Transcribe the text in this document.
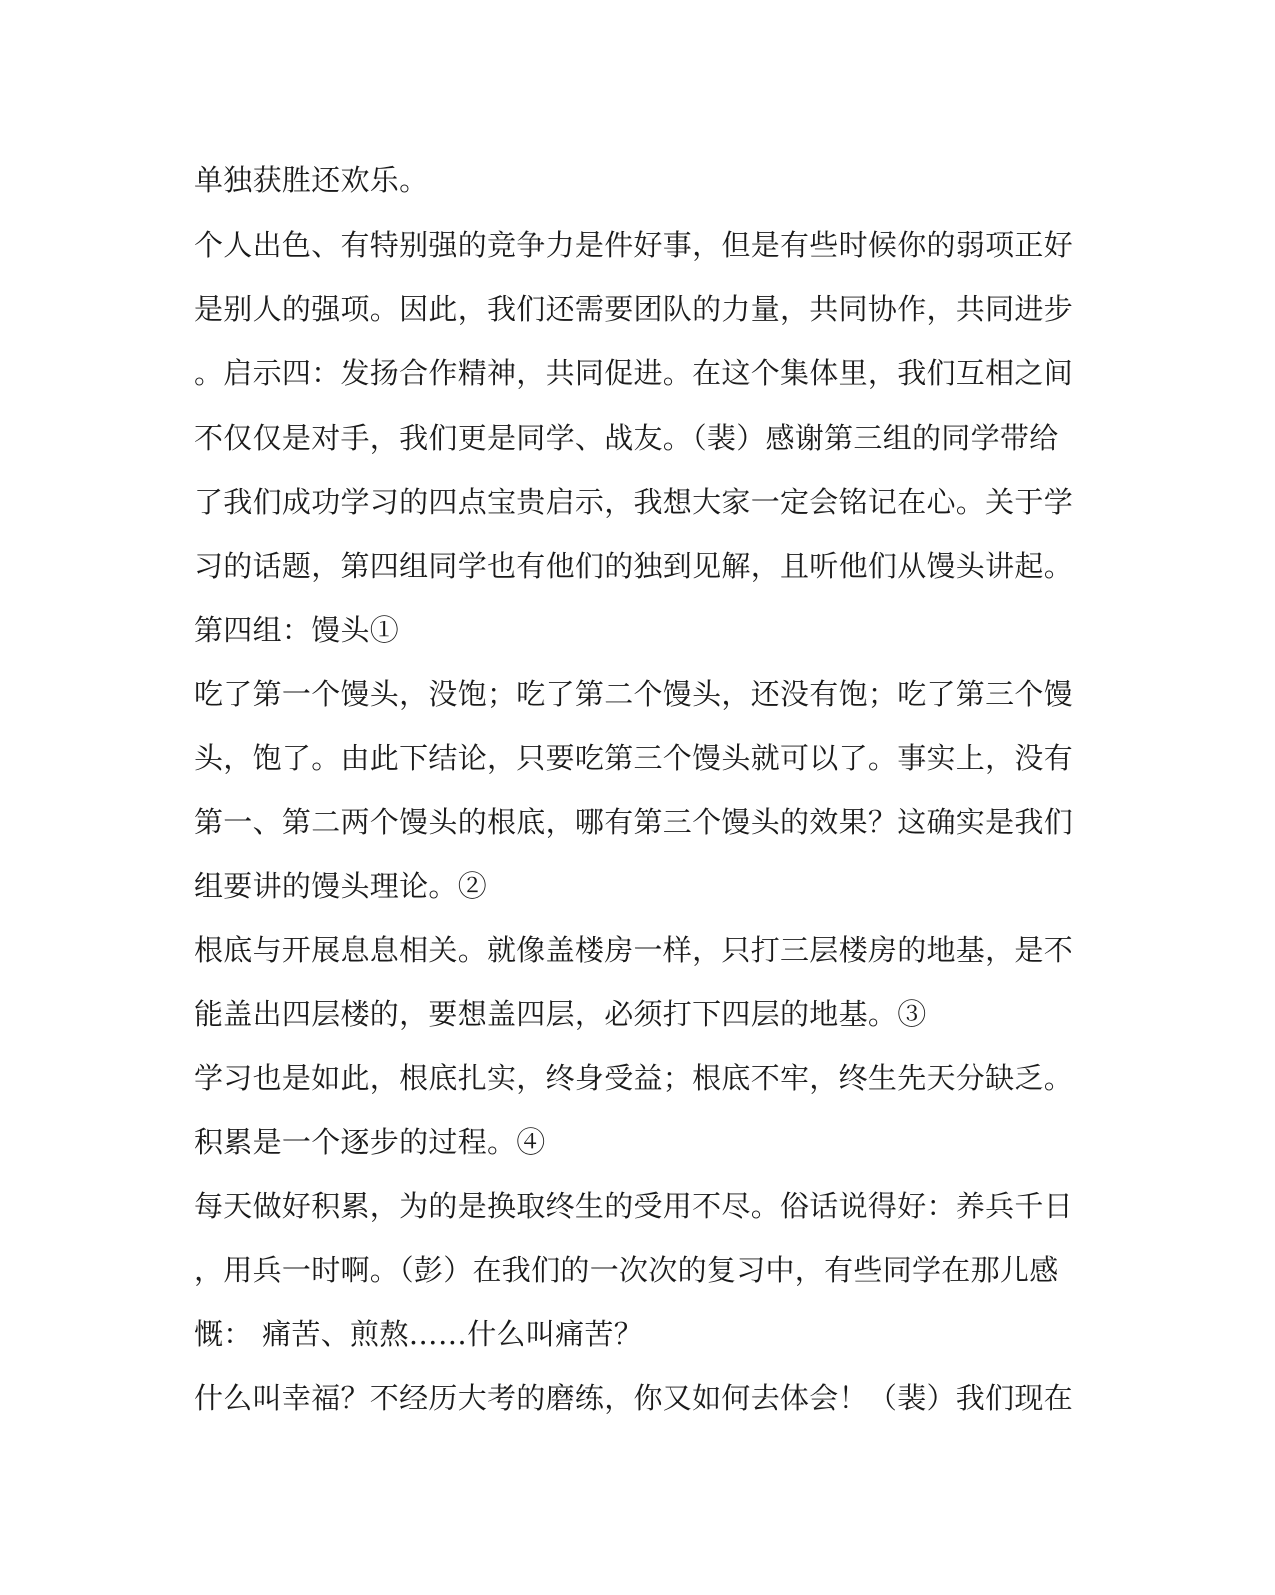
单独获胜还欢乐。
个人出色、有特别强的竞争力是件好事，但是有些时候你的弱项正好
是别人的强项。因此，我们还需要团队的力量，共同协作，共同进步
。启示四：发扬合作精神，共同促进。在这个集体里，我们互相之间
不仅仅是对手，我们更是同学、战友。（裴）感谢第三组的同学带给
了我们成功学习的四点宝贵启示，我想大家一定会铭记在心。关于学
习的话题，第四组同学也有他们的独到见解，且听他们从馒头讲起。
第四组：馒头①
吃了第一个馒头，没饱；吃了第二个馒头，还没有饱；吃了第三个馒
头，饱了。由此下结论，只要吃第三个馒头就可以了。事实上，没有
第一、第二两个馒头的根底，哪有第三个馒头的效果？这确实是我们
组要讲的馒头理论。②
根底与开展息息相关。就像盖楼房一样，只打三层楼房的地基，是不
能盖出四层楼的，要想盖四层，必须打下四层的地基。③
学习也是如此，根底扎实，终身受益；根底不牢，终生先天分缺乏。
积累是一个逐步的过程。④
每天做好积累，为的是换取终生的受用不尽。俗话说得好：养兵千日
，用兵一时啊。（彭）在我们的一次次的复习中，有些同学在那儿感
慨： 痛苦、煎熬……什么叫痛苦？
什么叫幸福？不经历大考的磨练，你又如何去体会！（裴）我们现在
